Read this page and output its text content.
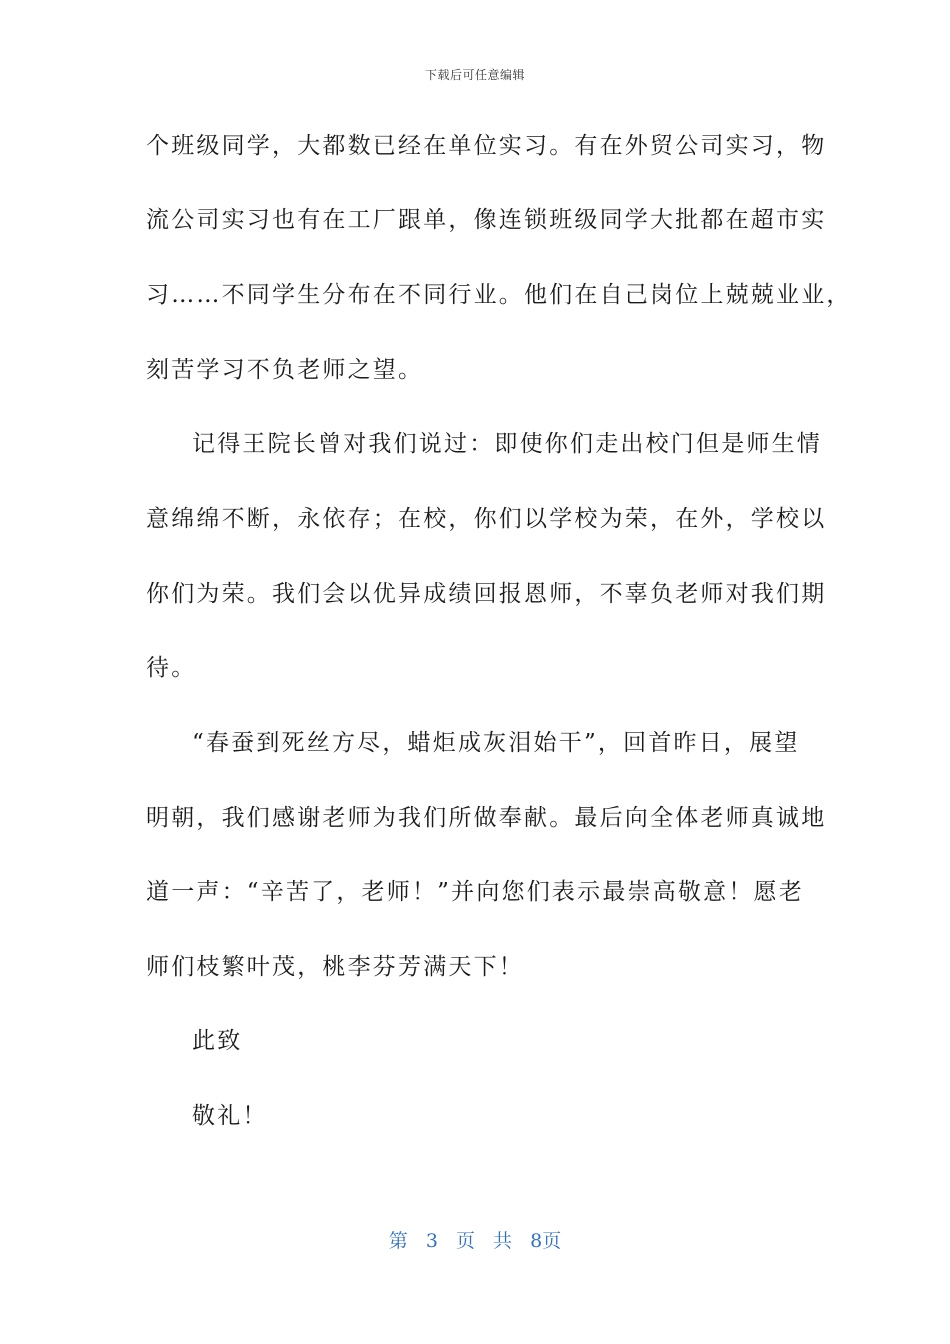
下载后可任意编辑
个班级同学，大都数已经在单位实习。有在外贸公司实习，物
流公司实习也有在工厂跟单，像连锁班级同学大批都在超市实
习……不同学生分布在不同行业。他们在自己岗位上兢兢业业，
刻苦学习不负老师之望。
记得王院长曾对我们说过：即使你们走出校门但是师生情
意绵绵不断，永依存；在校，你们以学校为荣，在外，学校以
你们为荣。我们会以优异成绩回报恩师，不辜负老师对我们期
待。
“春蚕到死丝方尽，蜡炬成灰泪始干”，回首昨日，展望
明朝，我们感谢老师为我们所做奉献。最后向全体老师真诚地
道一声：“辛苦了，老师！”并向您们表示最崇高敬意！愿老
师们枝繁叶茂，桃李芬芳满天下！
此致
敬礼！
第 3 页 共 8页
